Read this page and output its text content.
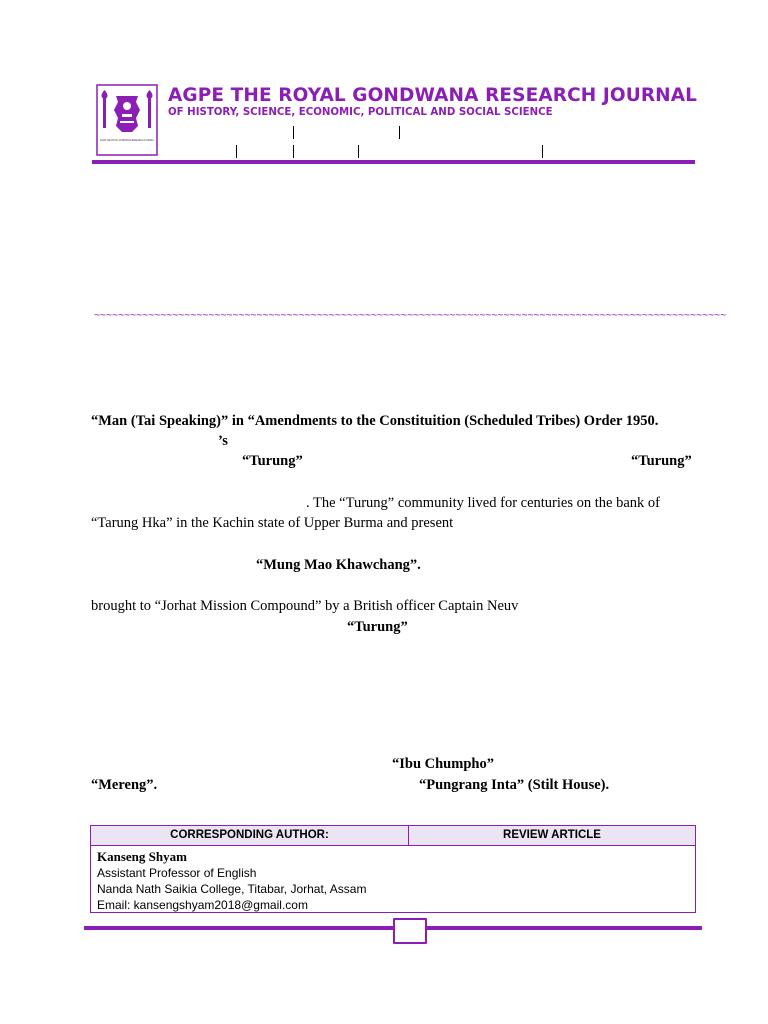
AGPE THE ROYAL GONDWANA RESEARCH JOURNAL
AGPE THE ROYAL GONDWANA RESEARCH JOURNAL
OF HISTORY, SCIENCE, ECONOMIC, POLITICAL AND SOCIAL SCIENCE
~~~~~~~~~~~~~~~~~~~~~~~~~~~~~~~~~~~~~~~~~~~~~~~~~~~~~~~~~~~~~~~~~~~~~~~~~~~~~~~~~~~~~~~~~~~~~~~~~~~~~~~~~
“Man (Tai Speaking)” in “Amendments to the Constituition (Scheduled Tribes) Order 1950.
’s
“Turung”	“Turung”
. The “Turung” community lived for centuries on the bank of
“Tarung Hka” in the Kachin state of Upper Burma and present
“Mung Mao Khawchang”.
brought to “Jorhat Mission Compound” by a British officer Captain Neuv
“Turung”
“Ibu Chumpho”
“Mereng”.	“Pungrang Inta” (Stilt House).
CORRESPONDING AUTHOR:	REVIEW ARTICLE
Kanseng Shyam
Assistant Professor of English
Nanda Nath Saikia College, Titabar, Jorhat, Assam
Email: kansengshyam2018@gmail.com
